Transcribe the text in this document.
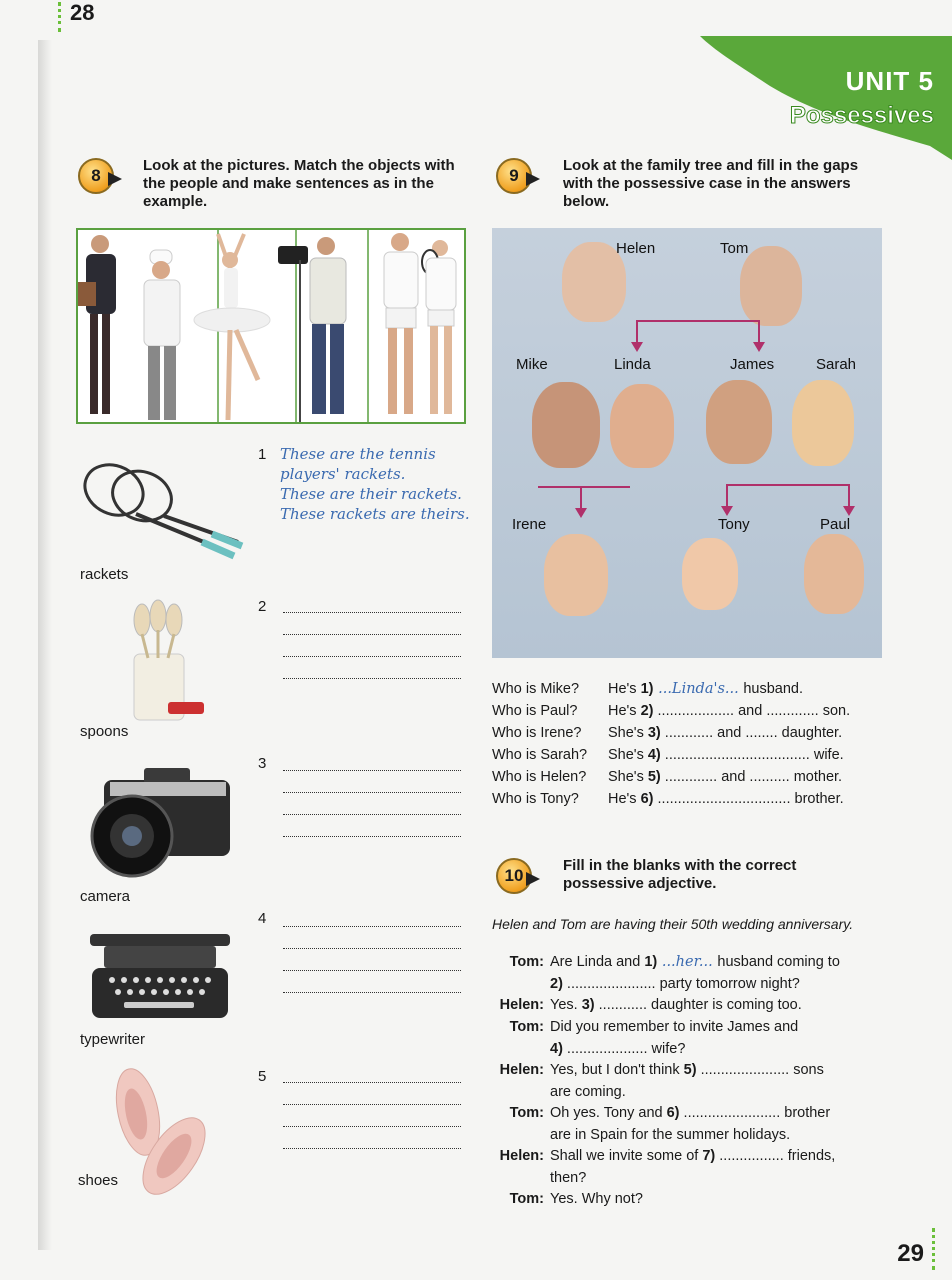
28
UNIT 5
Possessives
8
Look at the pictures. Match the objects with the people and make sentences as in the example.
rackets
1 These are the tennis
players' rackets.
These are their rackets.
These rackets are theirs.
spoons
2
camera
3
typewriter
4
shoes
5
9
Look at the family tree and fill in the gaps with the possessive case in the answers below.
Helen	Tom
Mike	Linda	James	Sarah
Irene	Tony	Paul
Who is Mike?	He's 1) ...Linda's... husband.
Who is Paul?	He's 2) ................... and ............. son.
Who is Irene?	She's 3) ............ and ........ daughter.
Who is Sarah?	She's 4) .................................... wife.
Who is Helen?	She's 5) ............. and .......... mother.
Who is Tony?	He's 6) ................................. brother.
10
Fill in the blanks with the correct possessive adjective.
Helen and Tom are having their 50th wedding anniversary.
Tom: Are Linda and 1) ...her... husband coming to
2) ...................... party tomorrow night?
Helen: Yes. 3) ............ daughter is coming too.
Tom: Did you remember to invite James and
4) .................... wife?
Helen: Yes, but I don't think 5) ...................... sons
are coming.
Tom: Oh yes. Tony and 6) ........................ brother
are in Spain for the summer holidays.
Helen: Shall we invite some of 7) ................ friends,
then?
Tom: Yes. Why not?
29
